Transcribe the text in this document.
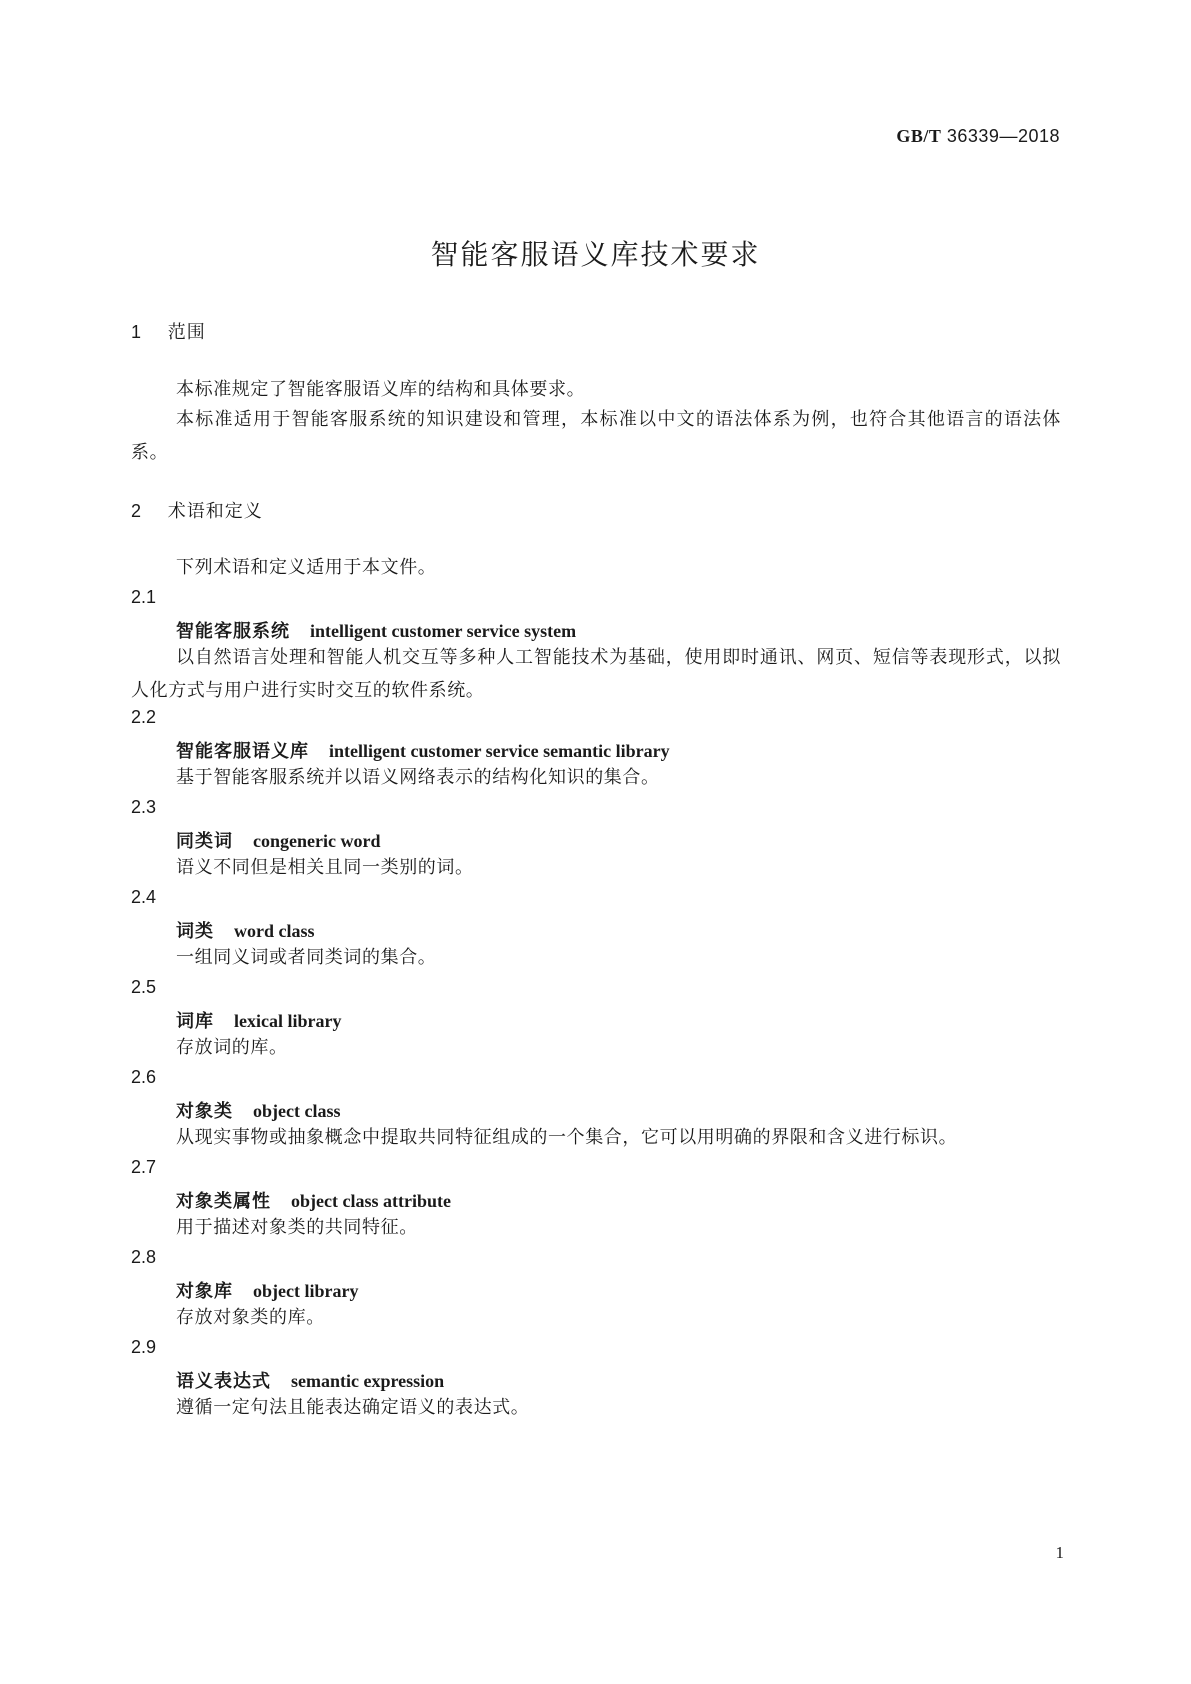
GB/T 36339—2018
智能客服语义库技术要求
1 范围
本标准规定了智能客服语义库的结构和具体要求。
本标准适用于智能客服系统的知识建设和管理，本标准以中文的语法体系为例，也符合其他语言的语法体系。
2 术语和定义
下列术语和定义适用于本文件。
2.1
智能客服系统 intelligent customer service system
以自然语言处理和智能人机交互等多种人工智能技术为基础，使用即时通讯、网页、短信等表现形式，以拟人化方式与用户进行实时交互的软件系统。
2.2
智能客服语义库 intelligent customer service semantic library
基于智能客服系统并以语义网络表示的结构化知识的集合。
2.3
同类词 congeneric word
语义不同但是相关且同一类别的词。
2.4
词类 word class
一组同义词或者同类词的集合。
2.5
词库 lexical library
存放词的库。
2.6
对象类 object class
从现实事物或抽象概念中提取共同特征组成的一个集合，它可以用明确的界限和含义进行标识。
2.7
对象类属性 object class attribute
用于描述对象类的共同特征。
2.8
对象库 object library
存放对象类的库。
2.9
语义表达式 semantic expression
遵循一定句法且能表达确定语义的表达式。
1
